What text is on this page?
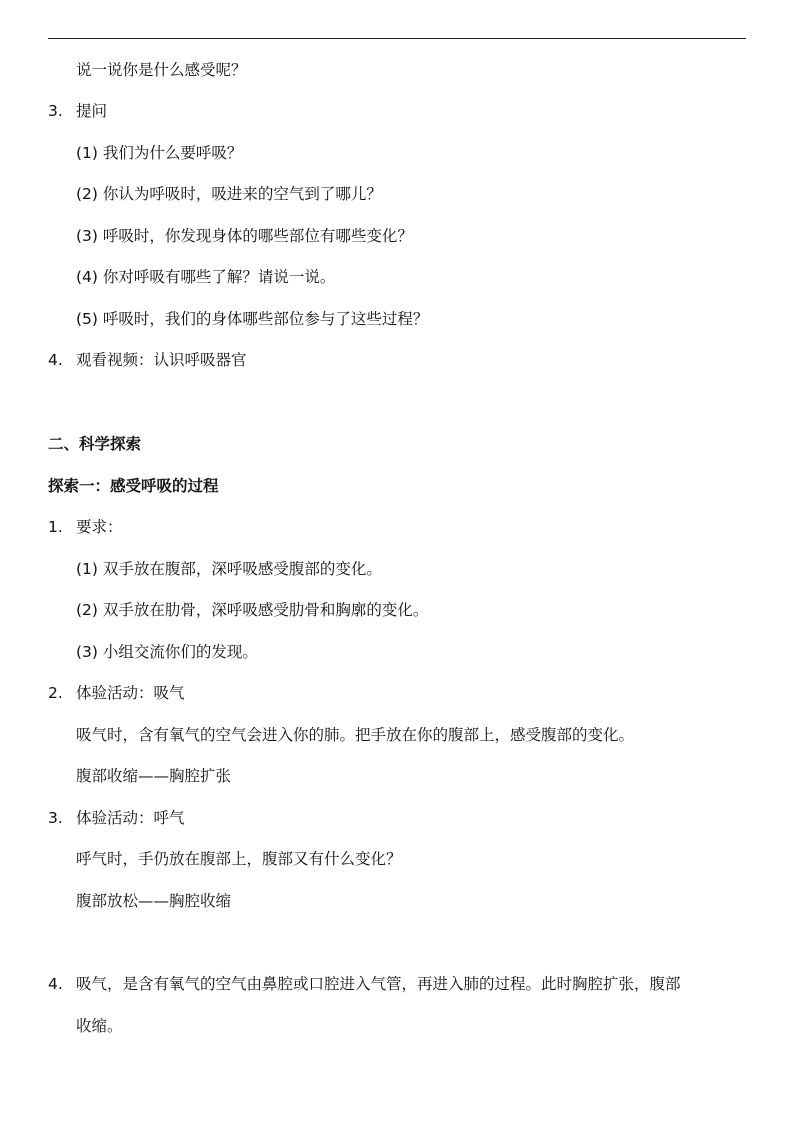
说一说你是什么感受呢？
3. 提问
(1) 我们为什么要呼吸？
(2) 你认为呼吸时，吸进来的空气到了哪儿？
(3) 呼吸时，你发现身体的哪些部位有哪些变化？
(4) 你对呼吸有哪些了解？请说一说。
(5) 呼吸时，我们的身体哪些部位参与了这些过程？
4. 观看视频：认识呼吸器官
二、科学探索
探索一：感受呼吸的过程
1. 要求：
(1) 双手放在腹部，深呼吸感受腹部的变化。
(2) 双手放在肋骨，深呼吸感受肋骨和胸廓的变化。
(3) 小组交流你们的发现。
2. 体验活动：吸气
吸气时，含有氧气的空气会进入你的肺。把手放在你的腹部上，感受腹部的变化。
腹部收缩——胸腔扩张
3. 体验活动：呼气
呼气时，手仍放在腹部上，腹部又有什么变化？
腹部放松——胸腔收缩
4. 吸气，是含有氧气的空气由鼻腔或口腔进入气管，再进入肺的过程。此时胸腔扩张，腹部
收缩。
